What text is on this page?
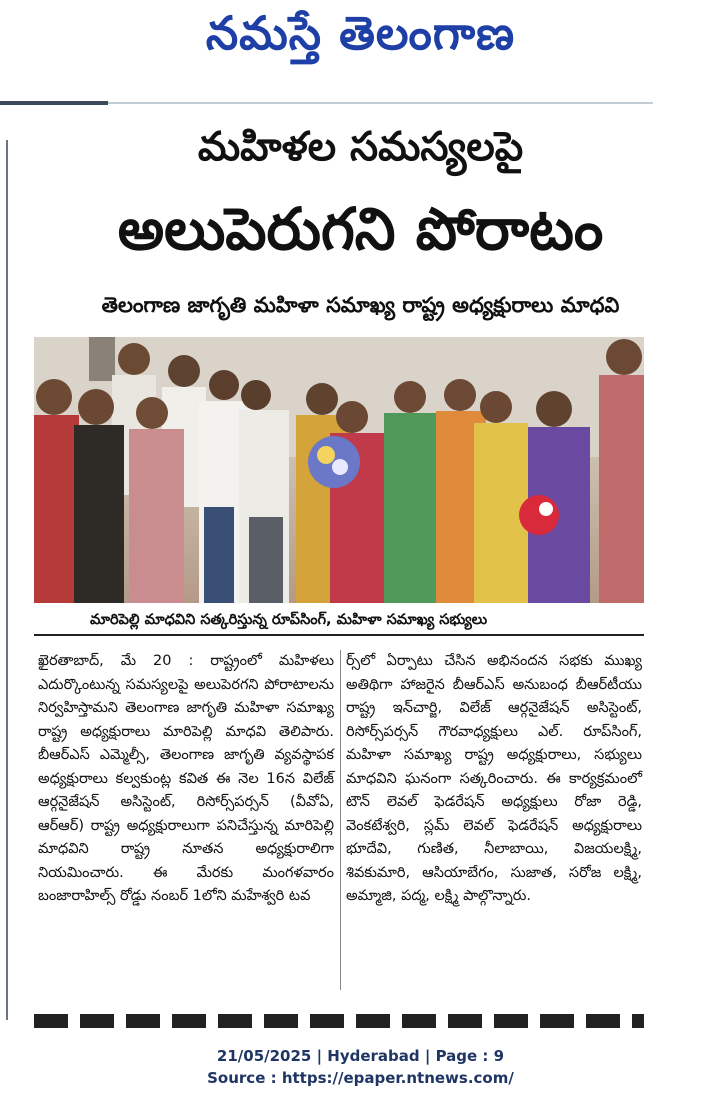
నమస్తే తెలంగాణ
మహిళల సమస్యలపై
అలుపెరుగని పోరాటం
తెలంగాణ జాగృతి మహిళా సమాఖ్య రాష్ట్ర అధ్యక్షురాలు మాధవి
మారిపెల్లి మాధవిని సత్కరిస్తున్న రూప్‌సింగ్, మహిళా సమాఖ్య సభ్యులు
ఖైరతాబాద్, మే 20 : రాష్ట్రంలో మహిళలు ఎదుర్కొంటున్న సమస్యలపై అలుపెరగని పోరాటాలను నిర్వహిస్తామని తెలంగాణ జాగృతి మహిళా సమాఖ్య రాష్ట్ర అధ్యక్షురాలు మారిపెల్లి మాధవి తెలిపారు. బీఆర్ఎస్ ఎమ్మెల్సీ, తెలంగాణ జాగృతి వ్యవస్థాపక అధ్యక్షురాలు కల్వకుంట్ల కవిత ఈ నెల 16న విలేజ్ ఆర్గనైజేషన్ అసిస్టెంట్, రిసోర్స్‌పర్సన్ (వీవోఏ, ఆర్‌ఆర్) రాష్ట్ర అధ్యక్షురాలుగా పనిచేస్తున్న మారిపెల్లి మాధవిని రాష్ట్ర నూతన అధ్యక్షురాలిగా నియమించారు. ఈ మేరకు మంగళవారం బంజారాహిల్స్ రోడ్డు నంబర్ 1లోని మహేశ్వరి టవ
ర్స్‌లో ఏర్పాటు చేసిన అభినందన సభకు ముఖ్య అతిథిగా హాజరైన బీఆర్ఎస్ అనుబంధ బీఆర్‌టీయు రాష్ట్ర ఇన్‌చార్జి, విలేజ్ ఆర్గనైజేషన్ అసిస్టెంట్, రిసోర్స్‌పర్సన్ గౌరవాధ్యక్షులు ఎల్. రూప్‌సింగ్, మహిళా సమాఖ్య రాష్ట్ర అధ్యక్షురాలు, సభ్యులు మాధవిని ఘనంగా సత్కరించారు. ఈ కార్యక్రమంలో టౌన్ లెవల్ ఫెడరేషన్ అధ్యక్షులు రోజా రెడ్డి, వెంకటేశ్వరి, స్లమ్ లెవల్ ఫెడరేషన్ అధ్యక్షురాలు భూదేవి, గుణిత, నీలాబాయి, విజయలక్ష్మి, శివకుమారి, ఆసియాబేగం, సుజాత, సరోజ లక్ష్మి, అమ్మాజి, పద్మ, లక్ష్మి పాల్గొన్నారు.
21/05/2025 | Hyderabad | Page : 9
Source : https://epaper.ntnews.com/
